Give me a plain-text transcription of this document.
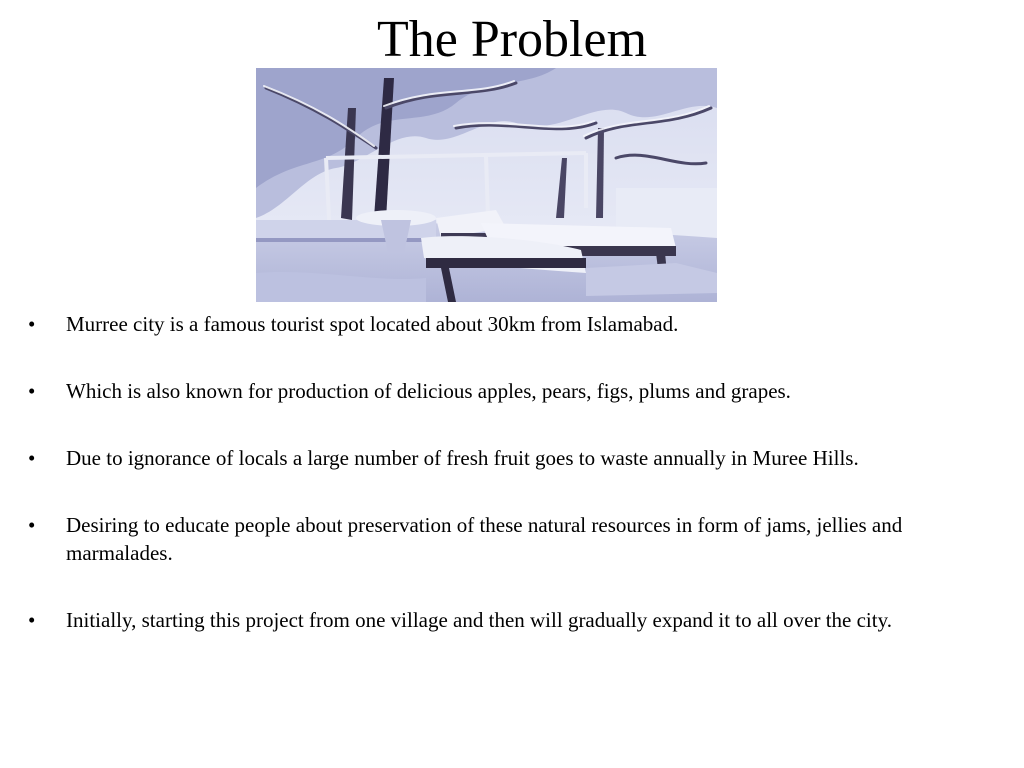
The Problem
•	Murree city is a famous tourist spot located about 30km from Islamabad.
•	Which is also known for production of delicious apples, pears, figs, plums and grapes.
•	Due to ignorance of locals a large number of fresh fruit goes to waste annually in Muree Hills.
•	Desiring to educate people about preservation of these natural resources in form of jams, jellies and marmalades.
•	Initially, starting this project from one village and then will gradually expand it to all over the city.
